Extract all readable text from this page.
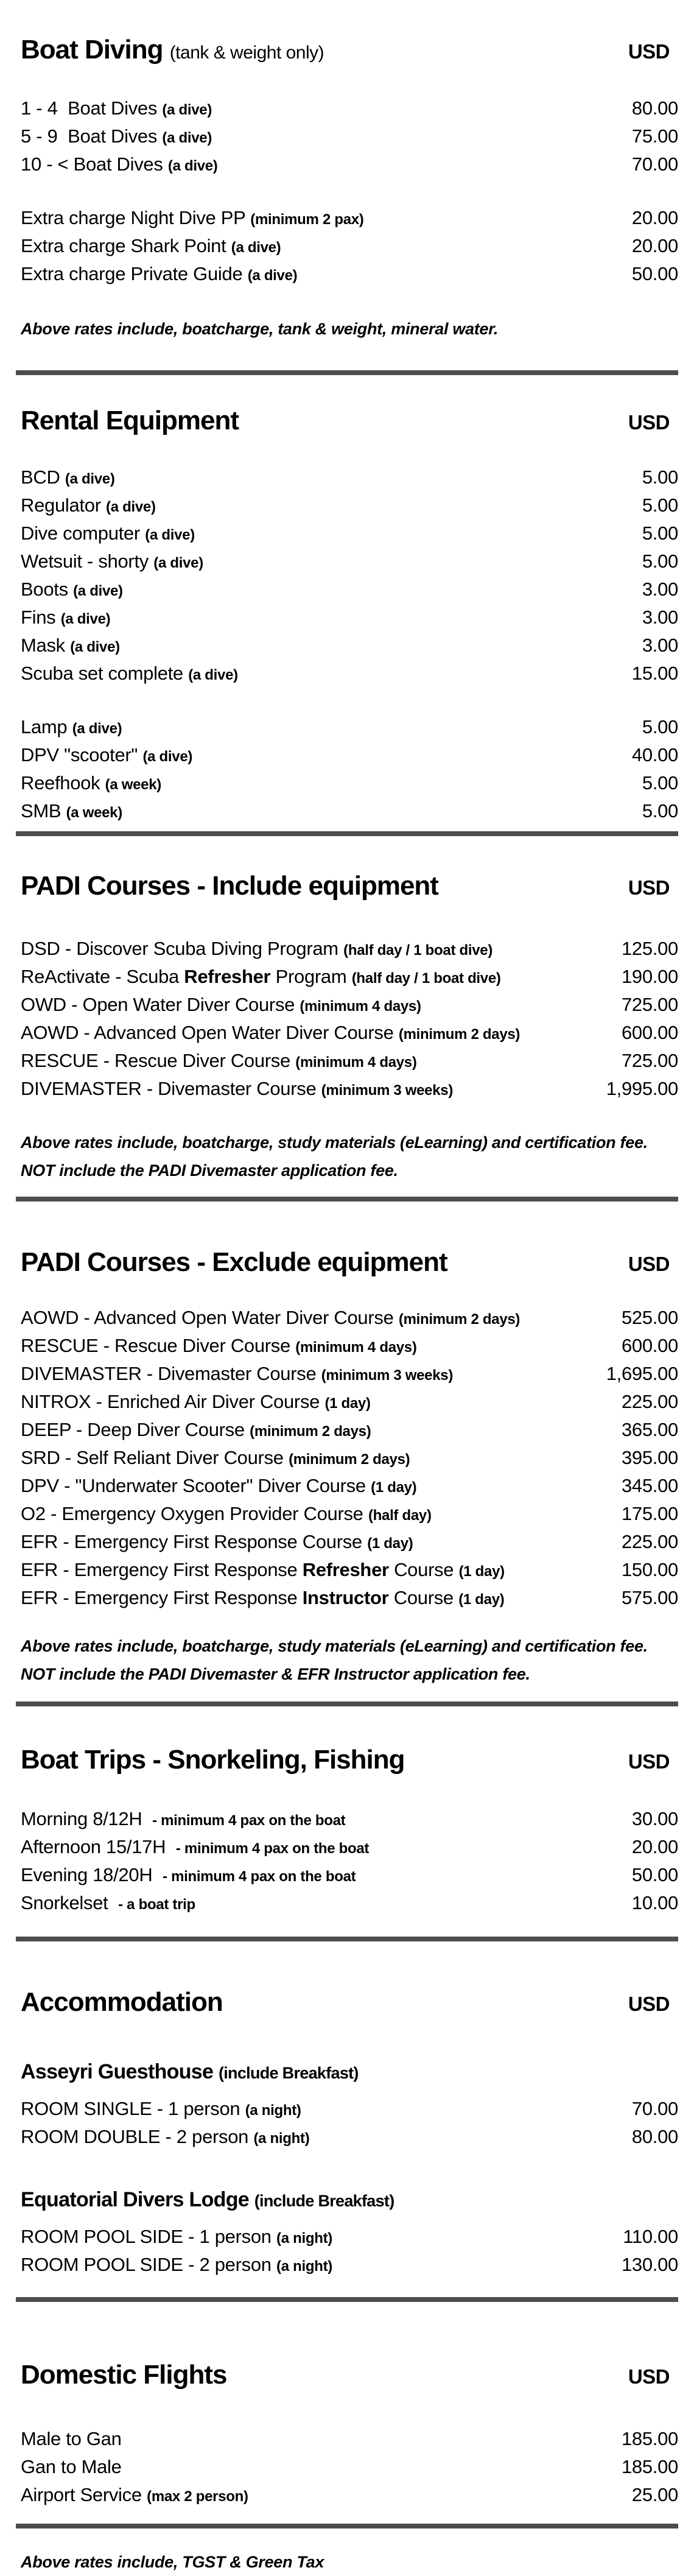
Boat Diving (tank & weight only)	USD
1 - 4  Boat Dives (a dive)	80.00
5 - 9  Boat Dives (a dive)	75.00
10 - < Boat Dives (a dive)	70.00
Extra charge Night Dive PP (minimum 2 pax)	20.00
Extra charge Shark Point (a dive)	20.00
Extra charge Private Guide (a dive)	50.00
Above rates include, boatcharge, tank & weight, mineral water.
Rental Equipment	USD
BCD (a dive)	5.00
Regulator (a dive)	5.00
Dive computer (a dive)	5.00
Wetsuit - shorty (a dive)	5.00
Boots (a dive)	3.00
Fins (a dive)	3.00
Mask (a dive)	3.00
Scuba set complete (a dive)	15.00
Lamp (a dive)	5.00
DPV "scooter" (a dive)	40.00
Reefhook (a week)	5.00
SMB (a week)	5.00
PADI Courses - Include equipment	USD
DSD - Discover Scuba Diving Program (half day / 1 boat dive)	125.00
ReActivate - Scuba Refresher Program (half day / 1 boat dive)	190.00
OWD - Open Water Diver Course (minimum 4 days)	725.00
AOWD - Advanced Open Water Diver Course (minimum 2 days)	600.00
RESCUE - Rescue Diver Course (minimum 4 days)	725.00
DIVEMASTER - Divemaster Course (minimum 3 weeks)	1,995.00
Above rates include, boatcharge, study materials (eLearning) and certification fee.
NOT include the PADI Divemaster application fee.
PADI Courses - Exclude equipment	USD
AOWD - Advanced Open Water Diver Course (minimum 2 days)	525.00
RESCUE - Rescue Diver Course (minimum 4 days)	600.00
DIVEMASTER - Divemaster Course (minimum 3 weeks)	1,695.00
NITROX - Enriched Air Diver Course (1 day)	225.00
DEEP - Deep Diver Course (minimum 2 days)	365.00
SRD - Self Reliant Diver Course (minimum 2 days)	395.00
DPV - "Underwater Scooter" Diver Course (1 day)	345.00
O2 - Emergency Oxygen Provider Course (half day)	175.00
EFR - Emergency First Response Course (1 day)	225.00
EFR - Emergency First Response Refresher Course (1 day)	150.00
EFR - Emergency First Response Instructor Course (1 day)	575.00
Above rates include, boatcharge, study materials (eLearning) and certification fee.
NOT include the PADI Divemaster & EFR Instructor application fee.
Boat Trips - Snorkeling, Fishing	USD
Morning 8/12H  - minimum 4 pax on the boat	30.00
Afternoon 15/17H  - minimum 4 pax on the boat	20.00
Evening 18/20H  - minimum 4 pax on the boat	50.00
Snorkelset  - a boat trip	10.00
Accommodation	USD
Asseyri Guesthouse (include Breakfast)
ROOM SINGLE - 1 person (a night)	70.00
ROOM DOUBLE - 2 person (a night)	80.00
Equatorial Divers Lodge (include Breakfast)
ROOM POOL SIDE - 1 person (a night)	110.00
ROOM POOL SIDE - 2 person (a night)	130.00
Domestic Flights	USD
Male to Gan	185.00
Gan to Male	185.00
Airport Service (max 2 person)	25.00
Above rates include, TGST & Green Tax
